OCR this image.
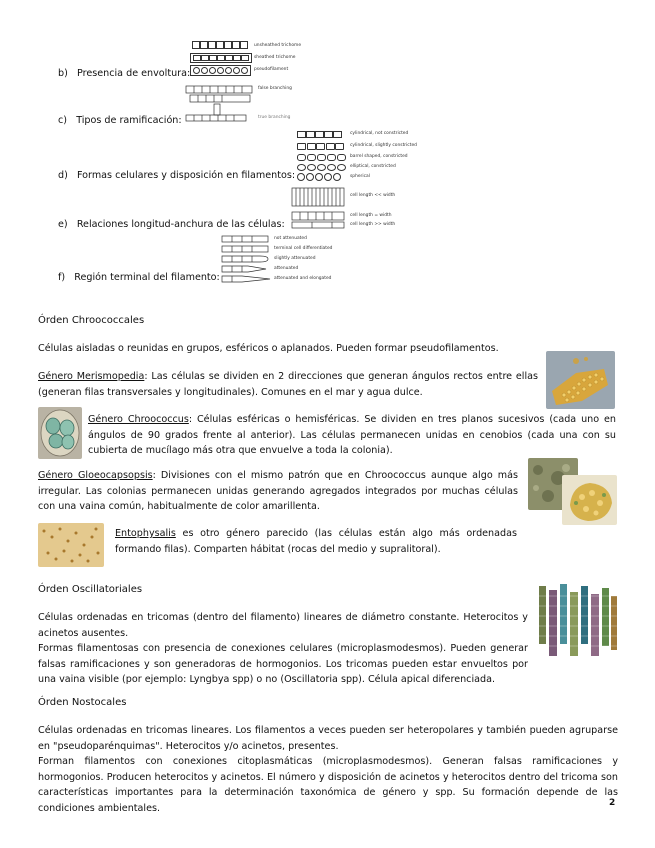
b) Presencia de envoltura:
unsheathed trichome
sheathed trichome
pseudofilament
c) Tipos de ramificación:
false branching
true branching
d) Formas celulares y disposición en filamentos:
cylindrical, not constricted
cylindrical, slightly constricted
barrel shaped, constricted
elliptical, constricted
spherical
e) Relaciones longitud-anchura de las células:
cell length << width
cell length = width
cell length >> width
f) Región terminal del filamento:
not attenuated
terminal cell differentiated
slightly attenuated
attenuated
attenuated and elongated
Órden Chroococcales
Células aisladas o reunidas en grupos, esféricos o aplanados. Pueden formar pseudofilamentos.
Género Merismopedia: Las células se dividen en 2 direcciones que generan ángulos rectos entre ellas (generan filas transversales y longitudinales). Comunes en el mar y agua dulce.
Género Chroococcus: Células esféricas o hemisféricas. Se dividen en tres planos sucesivos (cada uno en ángulos de 90 grados frente al anterior). Las células permanecen unidas en cenobios (cada una con su cubierta de mucílago más otra que envuelve a toda la colonia).
Género Gloeocapsopsis: Divisiones con el mismo patrón que en Chroococcus aunque algo más irregular. Las colonias permanecen unidas generando agregados integrados por muchas células con una vaina común, habitualmente de color amarillenta.
Entophysalis es otro género parecido (las células están algo más ordenadas formando filas). Comparten hábitat (rocas del medio y supralitoral).
Órden Oscillatoriales
Células ordenadas en tricomas (dentro del filamento) lineares de diámetro constante. Heterocitos y acinetos ausentes.
Formas filamentosas con presencia de conexiones celulares (microplasmodesmos). Pueden generar falsas ramificaciones y son generadoras de hormogonios. Los tricomas pueden estar envueltos por una vaina visible (por ejemplo: Lyngbya spp) o no (Oscillatoria spp). Célula apical diferenciada.
Órden Nostocales
Células ordenadas en tricomas lineares. Los filamentos a veces pueden ser heteropolares y también pueden agruparse en "pseudoparénquimas". Heterocitos y/o acinetos, presentes.
Forman filamentos con conexiones citoplasmáticas (microplasmodesmos). Generan falsas ramificaciones y hormogonios. Producen heterocitos y acinetos. El número y disposición de acinetos y heterocitos dentro del tricoma son características importantes para la determinación taxonómica de género y spp. Su formación depende de las condiciones ambientales.	2
